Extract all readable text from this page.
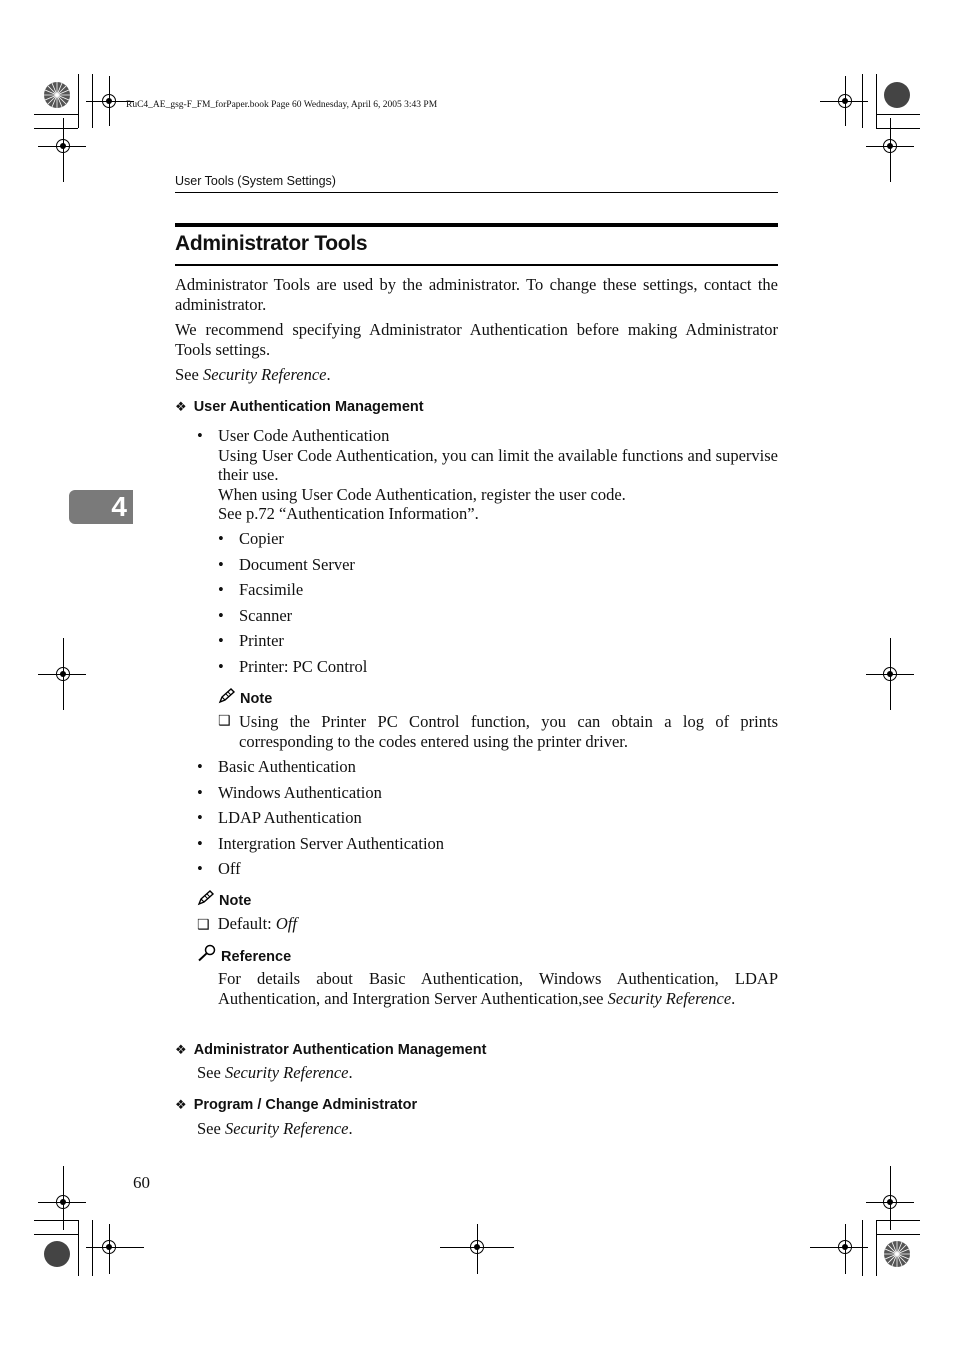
RuC4_AE_gsg-F_FM_forPaper.book Page 60 Wednesday, April 6, 2005 3:43 PM
User Tools (System Settings)
4
Administrator Tools
Administrator Tools are used by the administrator. To change these settings, contact the administrator.
We recommend specifying Administrator Authentication before making Administrator Tools settings.
See Security Reference.
❖ User Authentication Management
• User Code Authentication
Using User Code Authentication, you can limit the available functions and supervise their use.
When using User Code Authentication, register the user code.
See p.72 “Authentication Information”.
• Copier
• Document Server
• Facsimile
• Scanner
• Printer
• Printer: PC Control
Note
❑ Using the Printer PC Control function, you can obtain a log of prints corresponding to the codes entered using the printer driver.
• Basic Authentication
• Windows Authentication
• LDAP Authentication
• Intergration Server Authentication
• Off
Note
❑ Default: Off
Reference
For details about Basic Authentication, Windows Authentication, LDAP Authentication, and Intergration Server Authentication,see Security Reference.
❖ Administrator Authentication Management
See Security Reference.
❖ Program / Change Administrator
See Security Reference.
60
